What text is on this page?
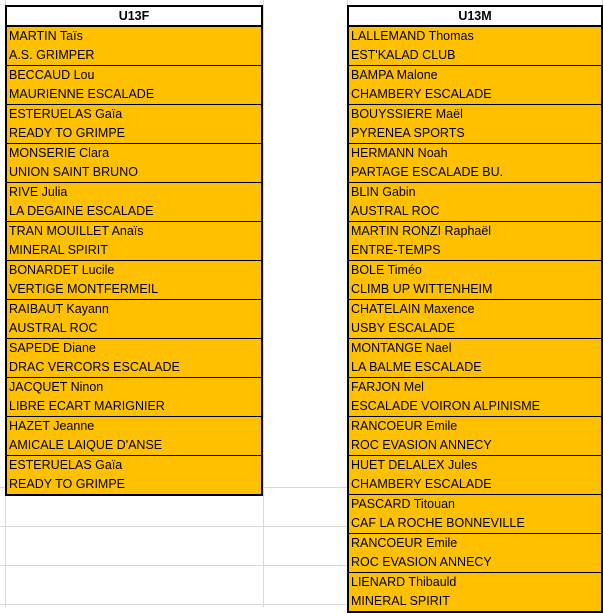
U13F
MARTIN Taïs
A.S. GRIMPER
BECCAUD Lou
MAURIENNE ESCALADE
ESTERUELAS Gaïa
READY TO GRIMPE
MONSERIE Clara
UNION SAINT BRUNO
RIVE Julia
LA DEGAINE ESCALADE
TRAN MOUILLET Anaïs
MINERAL SPIRIT
BONARDET Lucile
VERTIGE MONTFERMEIL
RAIBAUT Kayann
AUSTRAL ROC
SAPEDE Diane
DRAC VERCORS ESCALADE
JACQUET Ninon
LIBRE ECART MARIGNIER
HAZET Jeanne
AMICALE LAIQUE D'ANSE
ESTERUELAS Gaïa
READY TO GRIMPE
U13M
LALLEMAND Thomas
EST'KALAD CLUB
BAMPA Malone
CHAMBERY ESCALADE
BOUYSSIERE Maël
PYRENEA SPORTS
HERMANN Noah
PARTAGE ESCALADE BU.
BLIN Gabin
AUSTRAL ROC
MARTIN RONZI Raphaël
ENTRE-TEMPS
BOLE Timéo
CLIMB UP WITTENHEIM
CHATELAIN Maxence
USBY ESCALADE
MONTANGE Nael
LA BALME ESCALADE
FARJON Mel
ESCALADE VOIRON ALPINISME
RANCOEUR Emile
ROC EVASION ANNECY
HUET DELALEX Jules
CHAMBERY ESCALADE
PASCARD Titouan
CAF LA ROCHE BONNEVILLE
RANCOEUR Emile
ROC EVASION ANNECY
LIENARD Thibauld
MINERAL SPIRIT
